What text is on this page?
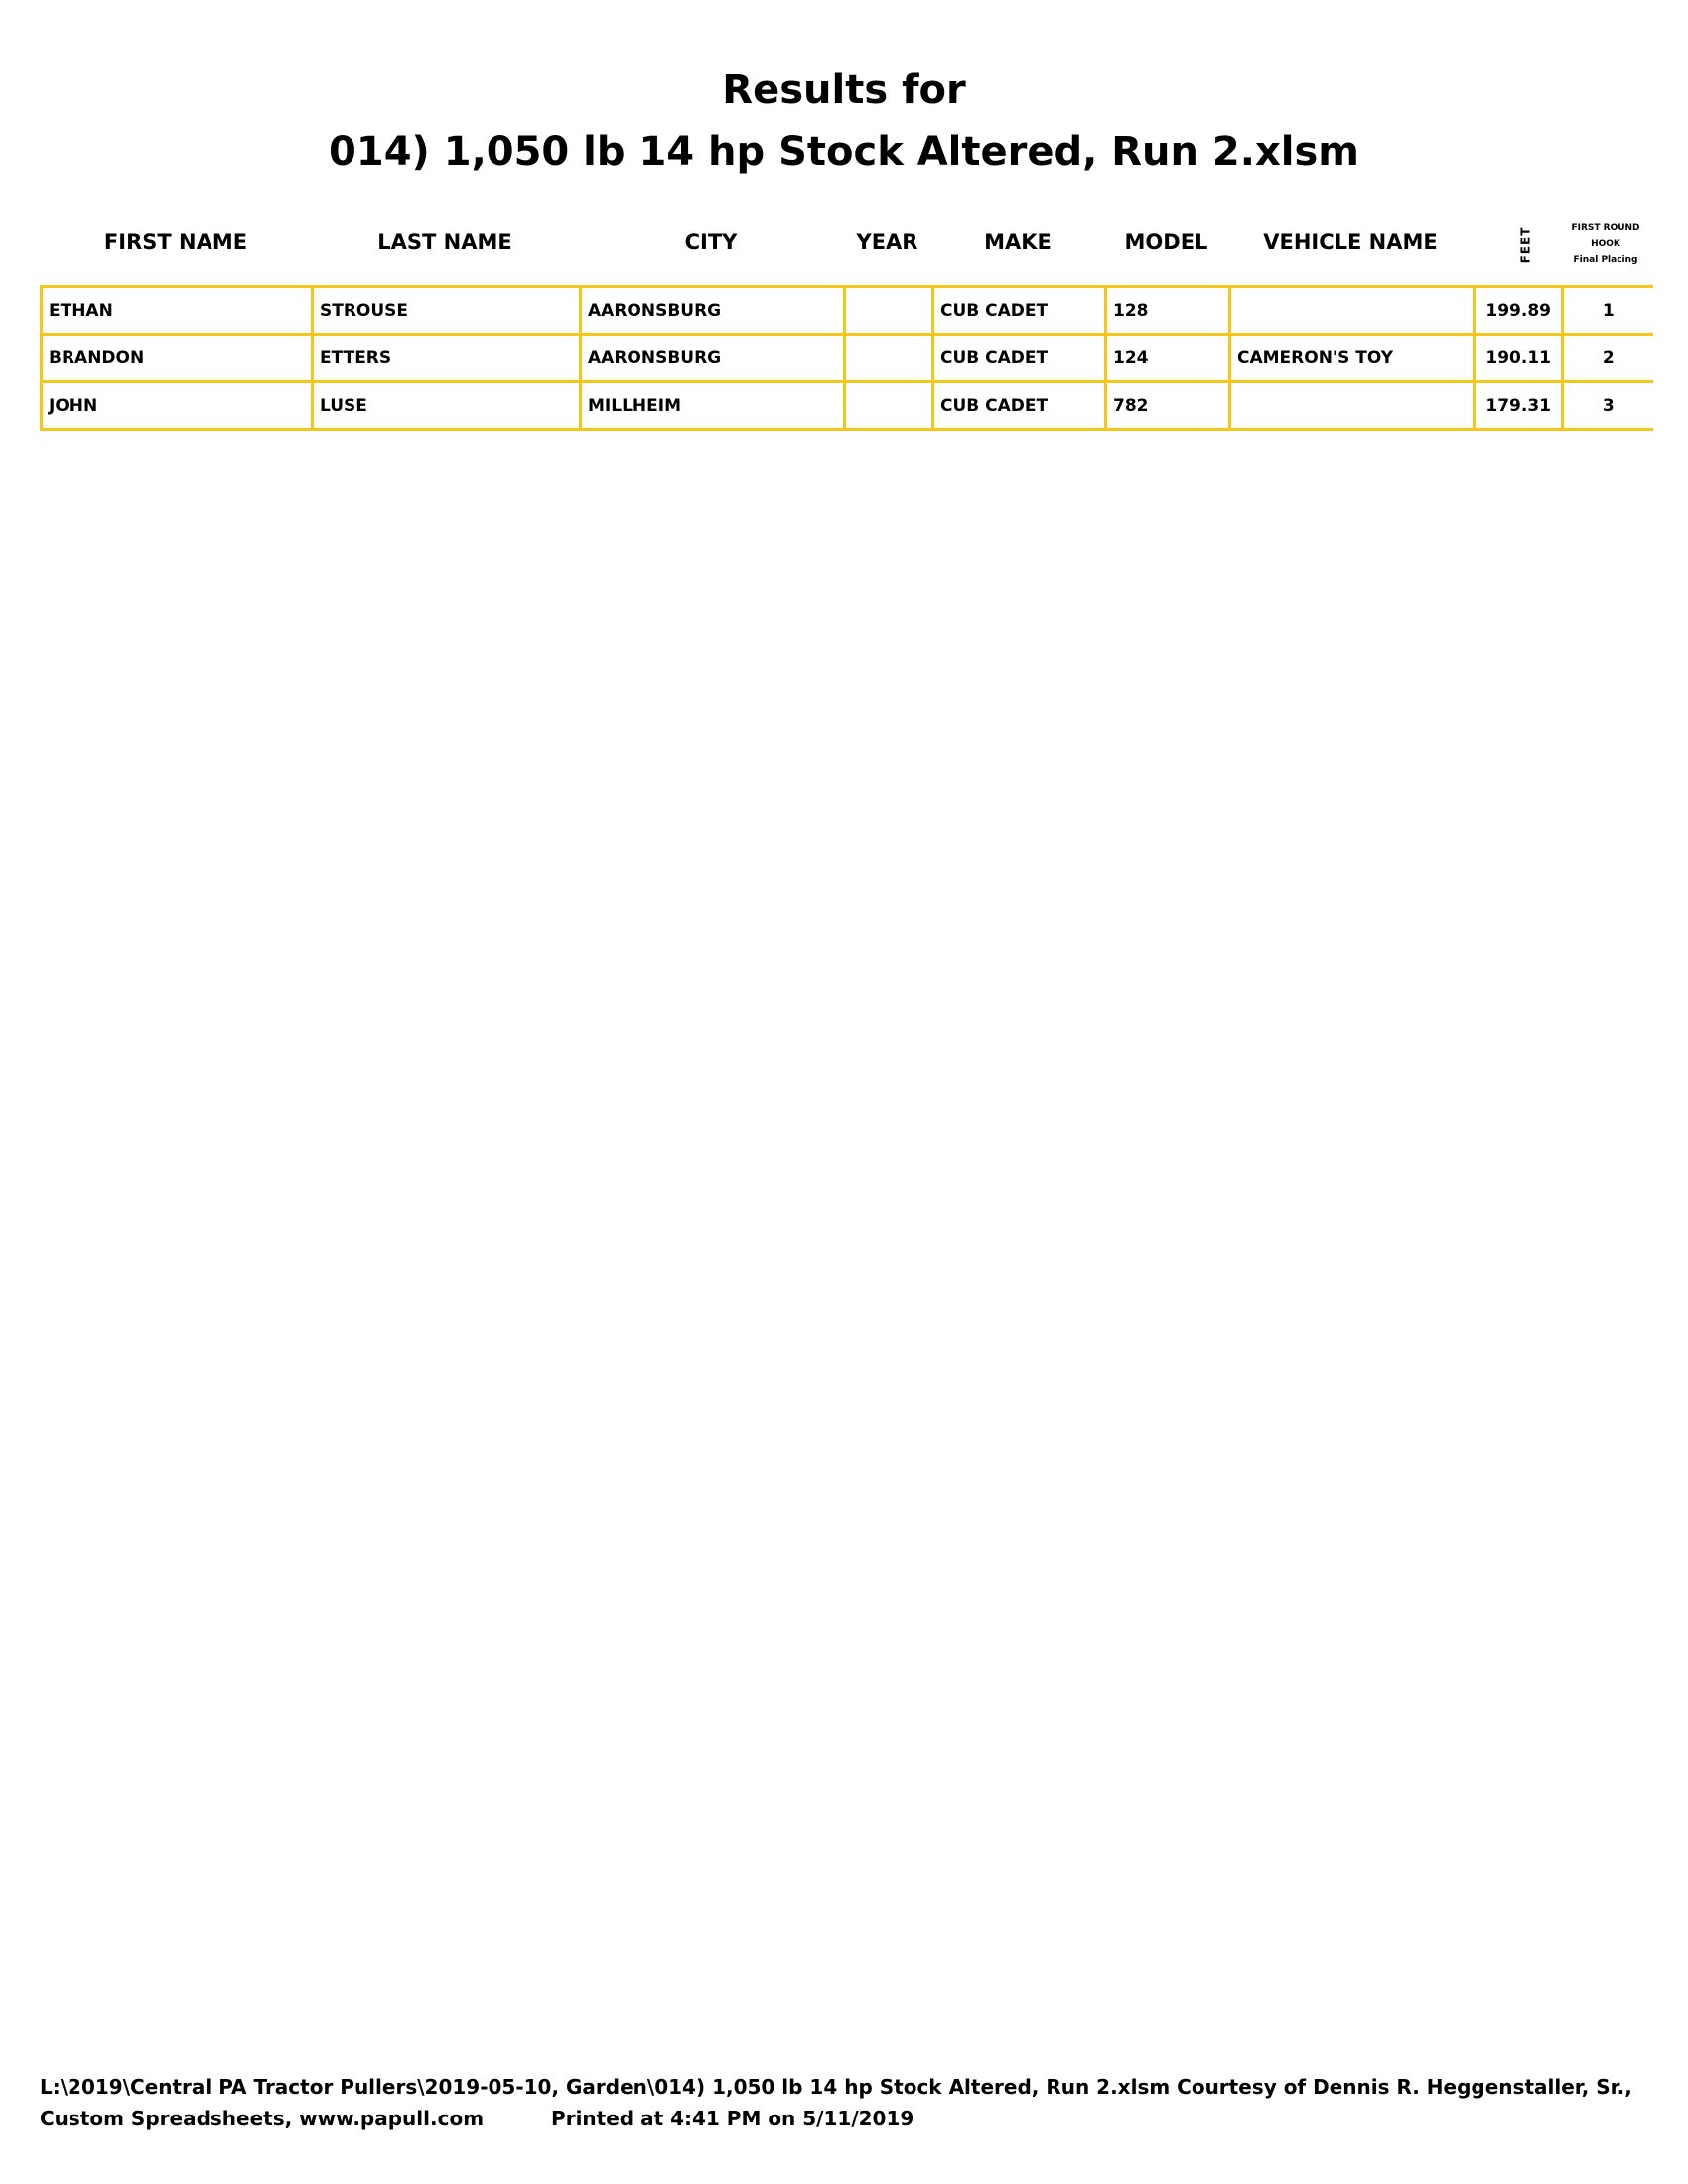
Results for
014) 1,050 lb 14 hp Stock Altered, Run 2.xlsm
FIRST NAME	LAST NAME	CITY	YEAR	MAKE	MODEL	VEHICLE NAME	FEET	FIRST ROUND
HOOK
Final Placing
ETHAN	STROUSE	AARONSBURG		CUB CADET	128		199.89	1
BRANDON	ETTERS	AARONSBURG		CUB CADET	124	CAMERON'S TOY	190.11	2
JOHN	LUSE	MILLHEIM		CUB CADET	782		179.31	3
L:\2019\Central PA Tractor Pullers\2019-05-10, Garden\014) 1,050 lb 14 hp Stock Altered, Run 2.xlsm Courtesy of Dennis R. Heggenstaller, Sr.,
Custom Spreadsheets, www.papull.com	Printed at 4:41 PM on 5/11/2019
